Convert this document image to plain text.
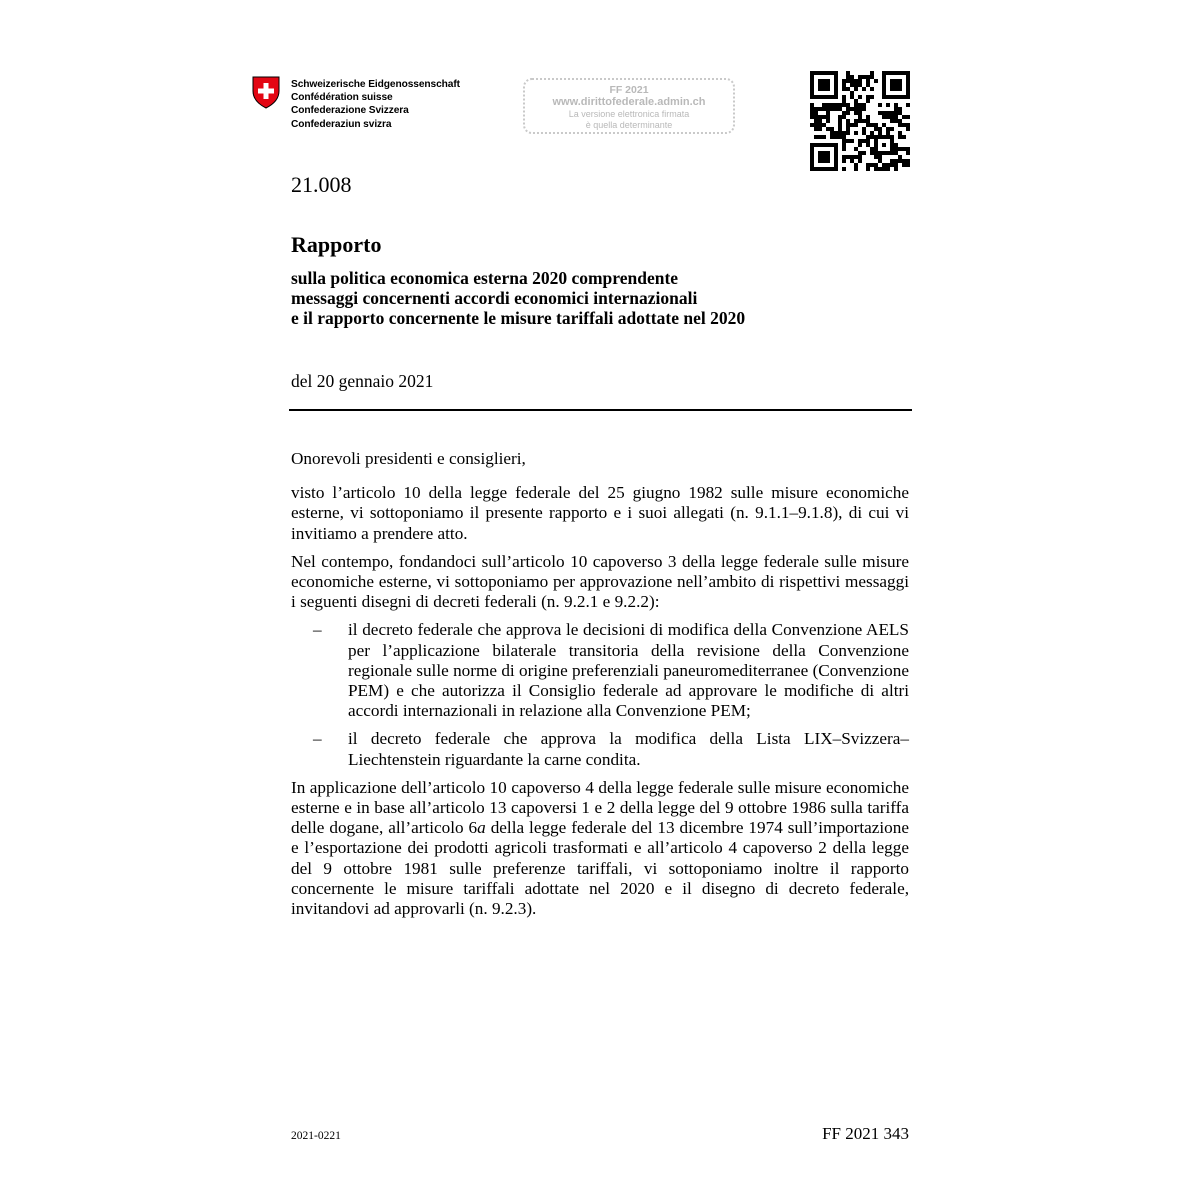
Schweizerische Eidgenossenschaft
Confédération suisse
Confederazione Svizzera
Confederaziun svizra
FF 2021
www.dirittofederale.admin.ch
La versione elettronica firmata
è quella determinante
21.008
Rapporto
sulla politica economica esterna 2020 comprendente
messaggi concernenti accordi economici internazionali
e il rapporto concernente le misure tariffali adottate nel 2020
del 20 gennaio 2021

Onorevoli presidenti e consiglieri,

visto l’articolo 10 della legge federale del 25 giugno 1982 sulle misure economiche esterne, vi sottoponiamo il presente rapporto e i suoi allegati (n. 9.1.1–9.1.8), di cui vi invitiamo a prendere atto.

Nel contempo, fondandoci sull’articolo 10 capoverso 3 della legge federale sulle misure economiche esterne, vi sottoponiamo per approvazione nell’ambito di rispettivi messaggi i seguenti disegni di decreti federali (n. 9.2.1 e 9.2.2):

– il decreto federale che approva le decisioni di modifica della Convenzione AELS per l’applicazione bilaterale transitoria della revisione della Convenzione regionale sulle norme di origine preferenziali paneuromediterranee (Convenzione PEM) e che autorizza il Consiglio federale ad approvare le modifiche di altri accordi internazionali in relazione alla Convenzione PEM;
– il decreto federale che approva la modifica della Lista LIX–Svizzera–Liechtenstein riguardante la carne condita.

In applicazione dell’articolo 10 capoverso 4 della legge federale sulle misure economiche esterne e in base all’articolo 13 capoversi 1 e 2 della legge del 9 ottobre 1986 sulla tariffa delle dogane, all’articolo 6a della legge federale del 13 dicembre 1974 sull’importazione e l’esportazione dei prodotti agricoli trasformati e all’articolo 4 capoverso 2 della legge del 9 ottobre 1981 sulle preferenze tariffali, vi sottoponiamo inoltre il rapporto concernente le misure tariffali adottate nel 2020 e il disegno di decreto federale, invitandovi ad approvarli (n. 9.2.3).

2021-0221	FF 2021 343
